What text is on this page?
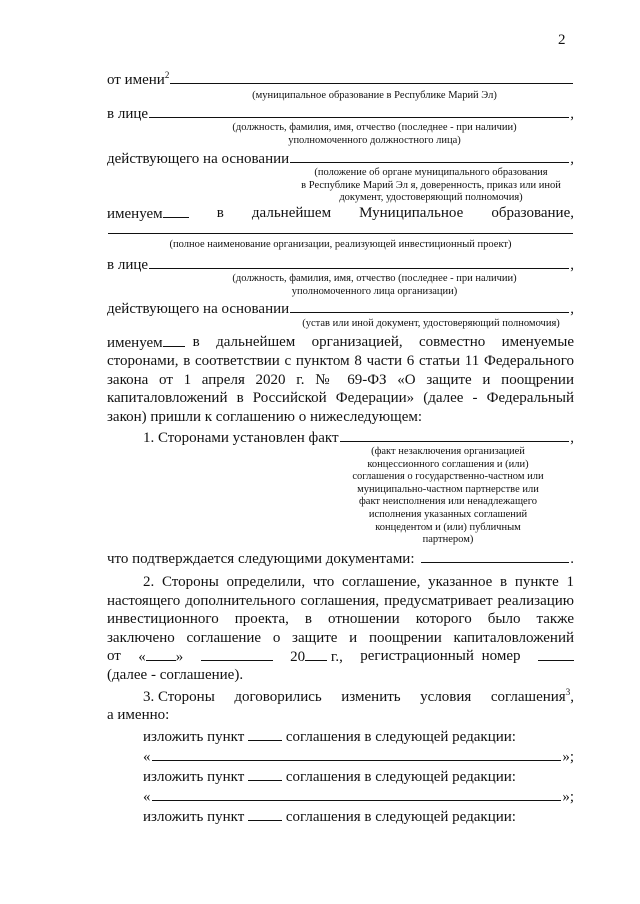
2
от имени$^2$
(муниципальное образование в Республике Марий Эл)
в лице	,
(должность, фамилия, имя, отчество (последнее - при наличии)
уполномоченного должностного лица)
действующего на основании	,
(положение об органе муниципального образования
в Республике Марий Эл я, доверенность, приказ или иной
документ, удостоверяющий полномочия)
именуем	в дальнейшем Муниципальное образование,
(полное наименование организации, реализующей инвестиционный проект)
в лице	,
(должность, фамилия, имя, отчество (последнее - при наличии)
уполномоченного лица организации)
действующего на основании	,
(устав или иной документ, удостоверяющий полномочия)
именуем	в дальнейшем организацией, совместно именуемые
сторонами, в соответствии с пунктом 8 части 6 статьи 11 Федерального
закона от 1 апреля 2020 г. № 69-ФЗ «О защите и поощрении
капиталовложений в Российской Федерации» (далее - Федеральный
закон) пришли к соглашению о нижеследующем:
1. Сторонами установлен факт	,
(факт незаключения организацией
концессионного соглашения и (или)
соглашения о государственно-частном или
муниципально-частном партнерстве или
факт неисполнения или ненадлежащего
исполнения указанных соглашений
концедентом и (или) публичным
партнером)
что подтверждается следующими документами:	.
2. Стороны определили, что соглашение, указанное в пункте 1
настоящего дополнительного соглашения, предусматривает реализацию
инвестиционного проекта, в отношении которого было также
заключено соглашение о защите и поощрении капиталовложений
от « »	20 г., регистрационный номер
(далее - соглашение).
3. Стороны договорились изменить условия соглашения$^3$,
а именно:
изложить пункт	соглашения в следующей редакции:
«	»;
изложить пункт	соглашения в следующей редакции:
«	»;
изложить пункт	соглашения в следующей редакции:
